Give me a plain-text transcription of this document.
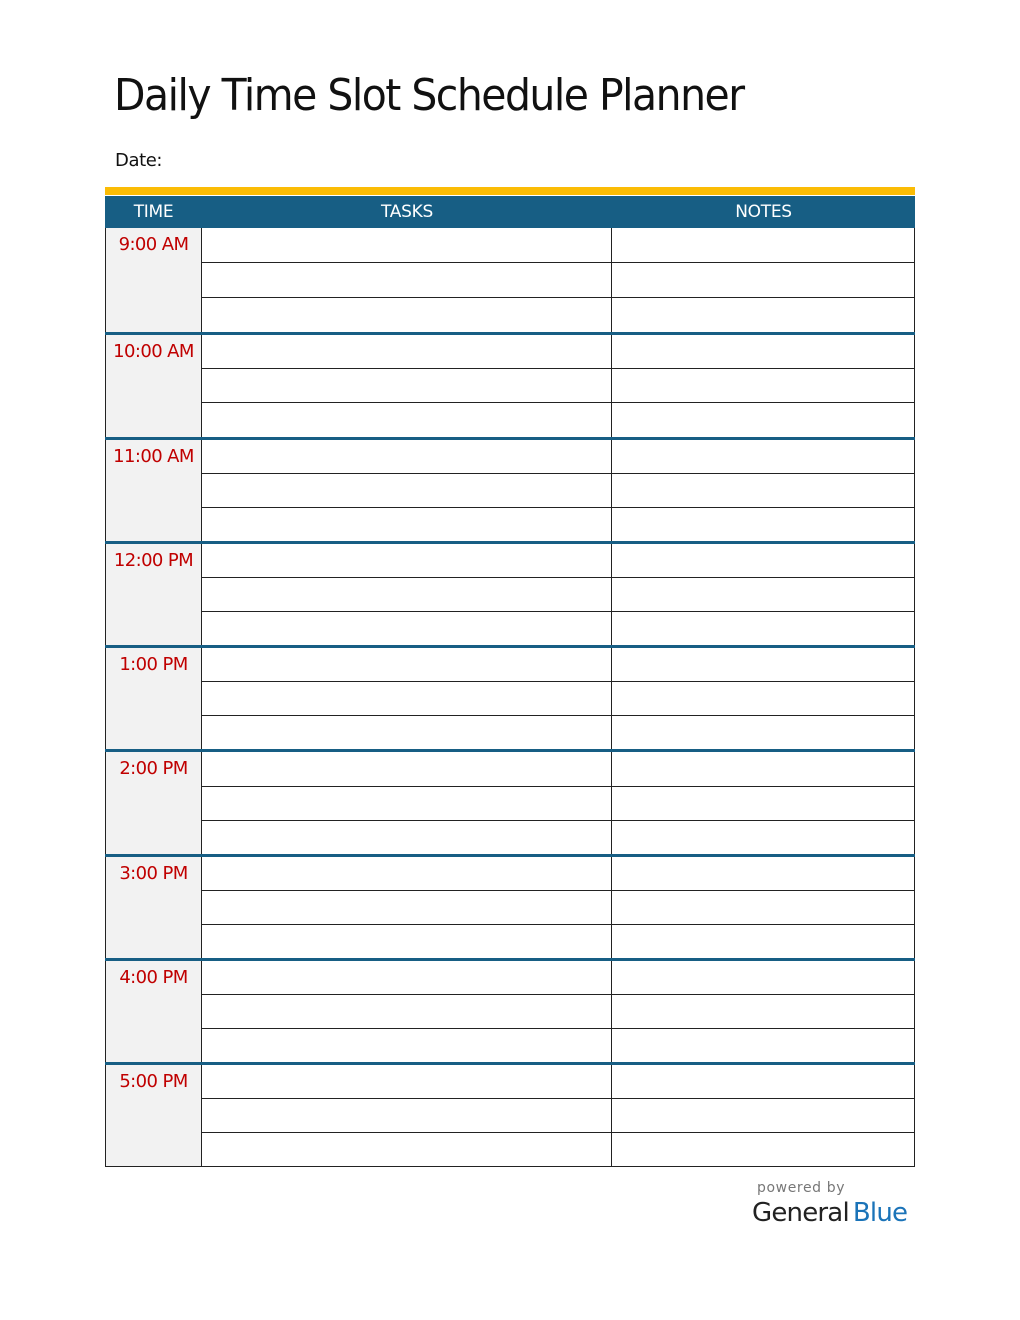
Daily Time Slot Schedule Planner
Date:
TIME	TASKS	NOTES
9:00 AM
10:00 AM
11:00 AM
12:00 PM
1:00 PM
2:00 PM
3:00 PM
4:00 PM
5:00 PM
powered by
General Blue
